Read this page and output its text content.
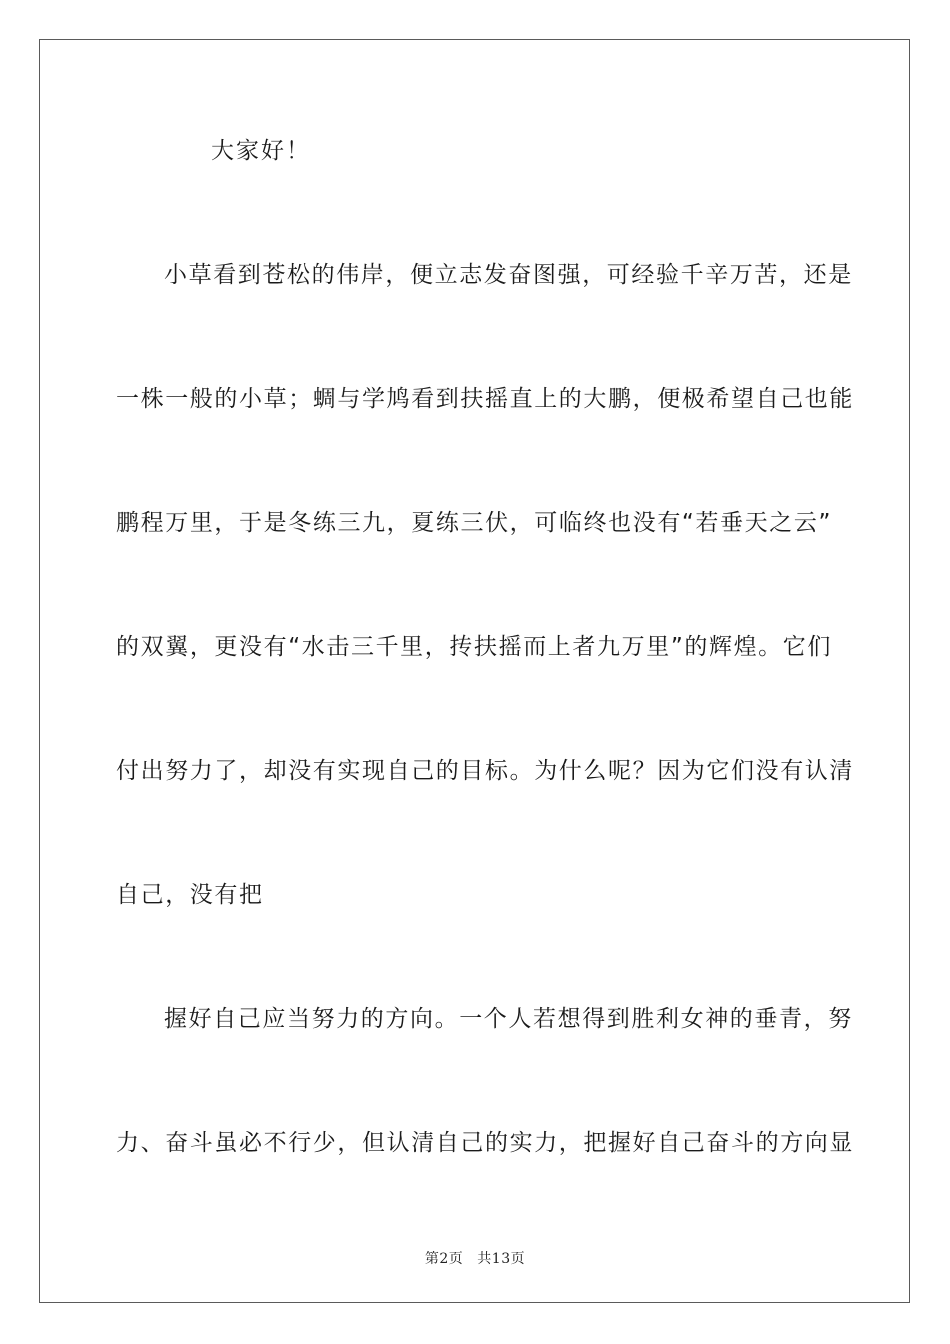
大家好！
小草看到苍松的伟岸，便立志发奋图强，可经验千辛万苦，还是
一株一般的小草；蜩与学鸠看到扶摇直上的大鹏，便极希望自己也能
鹏程万里，于是冬练三九，夏练三伏，可临终也没有“若垂天之云”
的双翼，更没有“水击三千里，抟扶摇而上者九万里”的辉煌。它们
付出努力了，却没有实现自己的目标。为什么呢？因为它们没有认清
自己，没有把
握好自己应当努力的方向。一个人若想得到胜利女神的垂青，努
力、奋斗虽必不行少，但认清自己的实力，把握好自己奋斗的方向显
第2页 共13页
